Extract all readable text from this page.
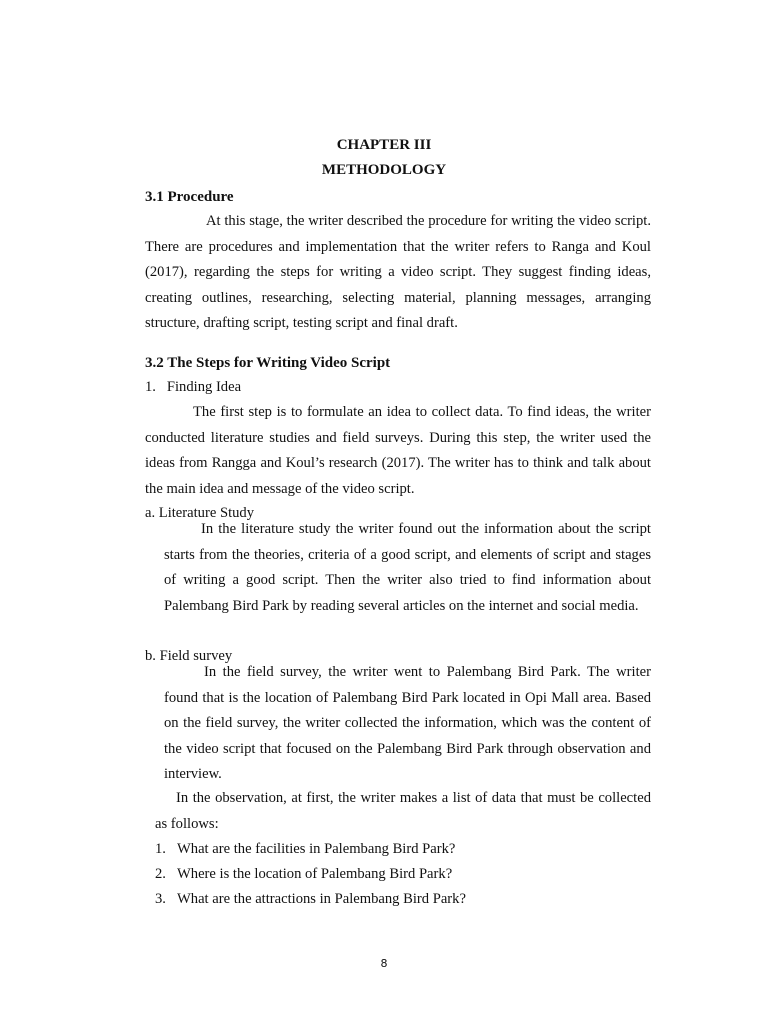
CHAPTER III
METHODOLOGY
3.1 Procedure
At this stage, the writer described the procedure for writing the video script. There are procedures and implementation that the writer refers to Ranga and Koul (2017), regarding the steps for writing a video script. They suggest finding ideas, creating outlines, researching, selecting material, planning messages, arranging structure, drafting script, testing script and final draft.
3.2 The Steps for Writing Video Script
1.   Finding Idea
The first step is to formulate an idea to collect data. To find ideas, the writer conducted literature studies and field surveys. During this step, the writer used the ideas from Rangga and Koul’s research (2017). The writer has to think and talk about the main idea and message of the video script.
a. Literature Study
In the literature study the writer found out the information about the script starts from the theories, criteria of a good script, and elements of script and stages of writing a good script. Then the writer also tried to find information about Palembang Bird Park by reading several articles on the internet and social media.
b. Field survey
In the field survey, the writer went to Palembang Bird Park. The writer found that is the location of Palembang Bird Park located in Opi Mall area. Based on the field survey, the writer collected the information, which was the content of the video script that focused on the Palembang Bird Park through observation and interview.
In the observation, at first, the writer makes a list of data that must be collected as follows:
1. What are the facilities in Palembang Bird Park?
2. Where is the location of Palembang Bird Park?
3. What are the attractions in Palembang Bird Park?
8
